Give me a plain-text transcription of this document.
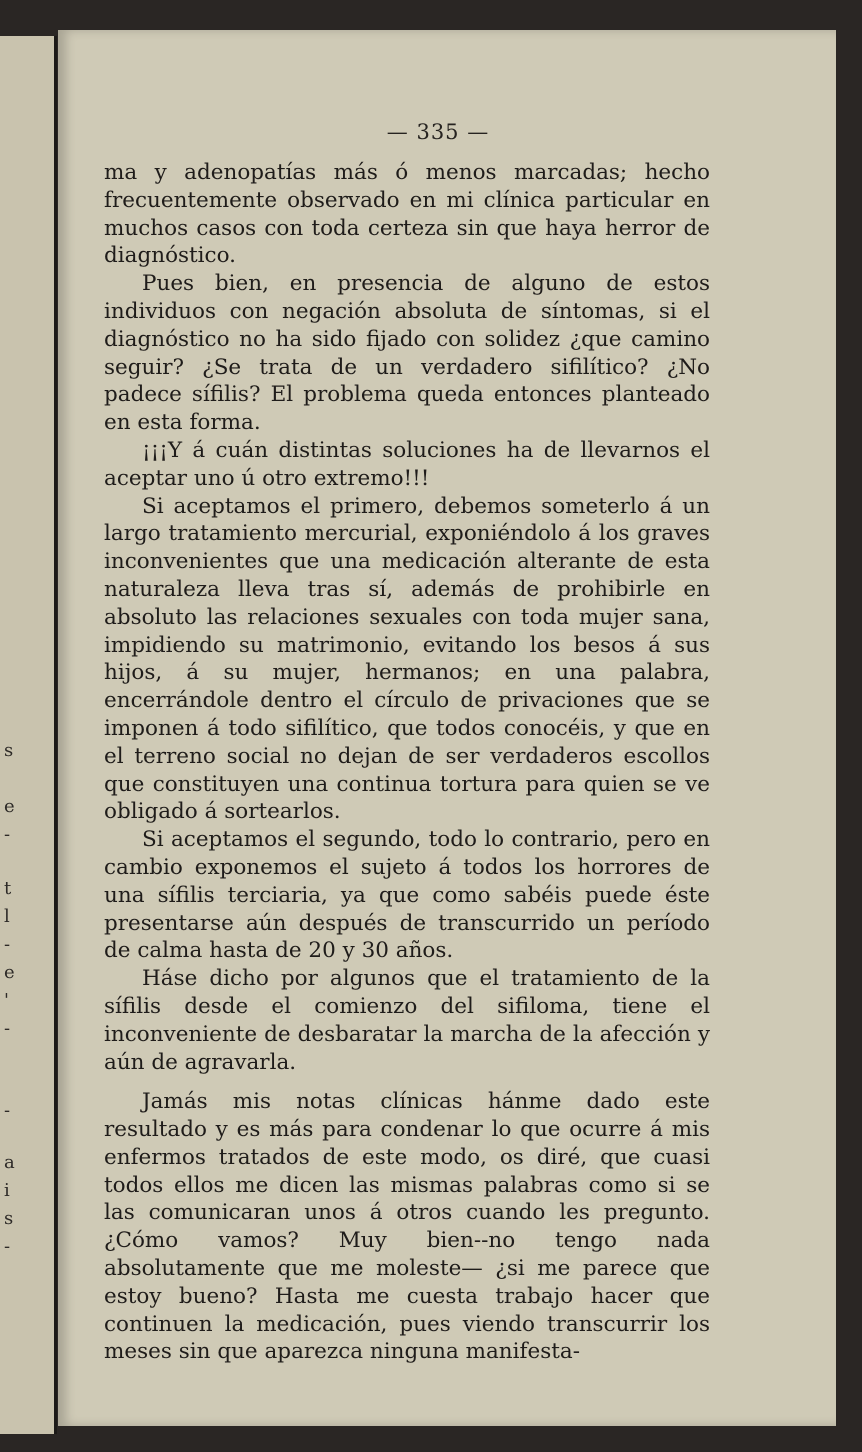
s
e
-
t
l
-
e
'
-
-
a
i
s
-
— 335 —

ma y adenopatías más ó menos marcadas; hecho frecuentemente observado en mi clínica particular en muchos casos con toda certeza sin que haya herror de diagnóstico.

Pues bien, en presencia de alguno de estos individuos con negación absoluta de síntomas, si el diagnóstico no ha sido fijado con solidez ¿que camino seguir? ¿Se trata de un verdadero sifilítico? ¿No padece sífilis? El problema queda entonces planteado en esta forma.

¡¡¡Y á cuán distintas soluciones ha de llevarnos el aceptar uno ú otro extremo!!!

Si aceptamos el primero, debemos someterlo á un largo tratamiento mercurial, exponiéndolo á los graves inconvenientes que una medicación alterante de esta naturaleza lleva tras sí, además de prohibirle en absoluto las relaciones sexuales con toda mujer sana, impidiendo su matrimonio, evitando los besos á sus hijos, á su mujer, hermanos; en una palabra, encerrándole dentro el círculo de privaciones que se imponen á todo sifilítico, que todos conocéis, y que en el terreno social no dejan de ser verdaderos escollos que constituyen una continua tortura para quien se ve obligado á sortearlos.

Si aceptamos el segundo, todo lo contrario, pero en cambio exponemos el sujeto á todos los horrores de una sífilis terciaria, ya que como sabéis puede éste presentarse aún después de transcurrido un período de calma hasta de 20 y 30 años.

Háse dicho por algunos que el tratamiento de la sífilis desde el comienzo del sifiloma, tiene el inconveniente de desbaratar la marcha de la afección y aún de agravarla.

Jamás mis notas clínicas hánme dado este resultado y es más para condenar lo que ocurre á mis enfermos tratados de este modo, os diré, que cuasi todos ellos me dicen las mismas palabras como si se las comunicaran unos á otros cuando les pregunto. ¿Cómo vamos? Muy bien--no tengo nada absolutamente que me moleste— ¿si me parece que estoy bueno? Hasta me cuesta trabajo hacer que continuen la medicación, pues viendo transcurrir los meses sin que aparezca ninguna manifesta-
